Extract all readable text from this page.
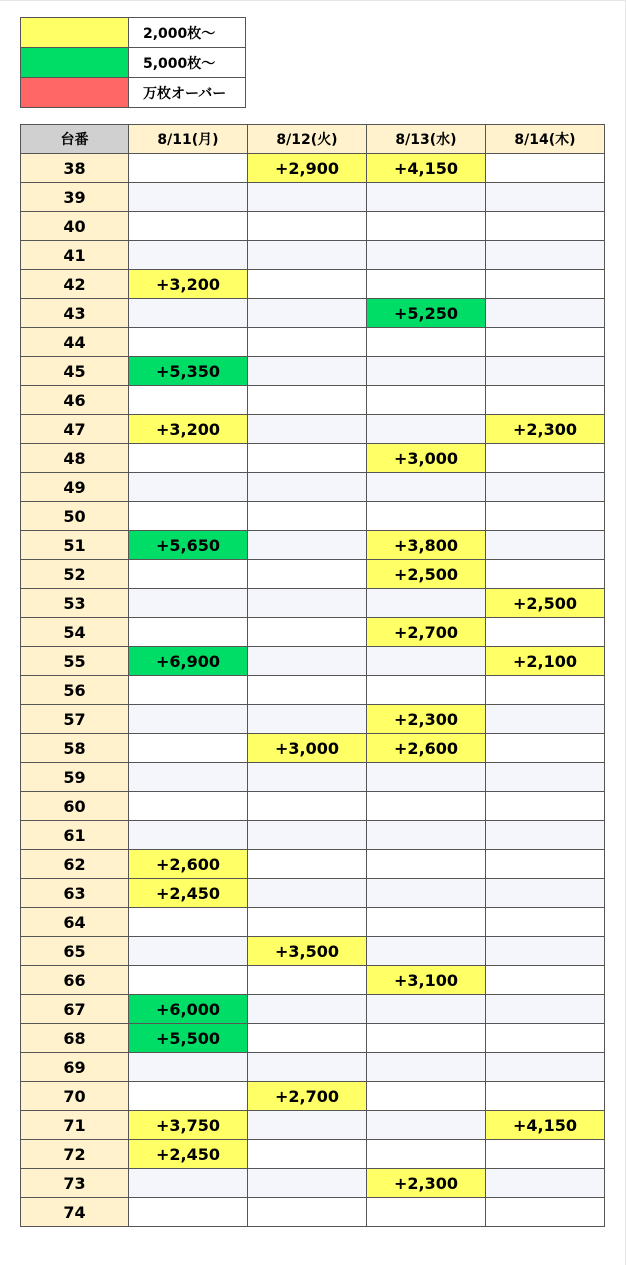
	2,000枚〜
	5,000枚〜
	万枚オーバー
台番	8/11(月)	8/12(火)	8/13(水)	8/14(木)
38		+2,900	+4,150	
39				
40				
41				
42	+3,200			
43			+5,250	
44				
45	+5,350			
46				
47	+3,200			+2,300
48			+3,000	
49				
50				
51	+5,650		+3,800	
52			+2,500	
53				+2,500
54			+2,700	
55	+6,900			+2,100
56				
57			+2,300	
58		+3,000	+2,600	
59				
60				
61				
62	+2,600			
63	+2,450			
64				
65		+3,500		
66			+3,100	
67	+6,000			
68	+5,500			
69				
70		+2,700		
71	+3,750			+4,150
72	+2,450			
73			+2,300	
74				
